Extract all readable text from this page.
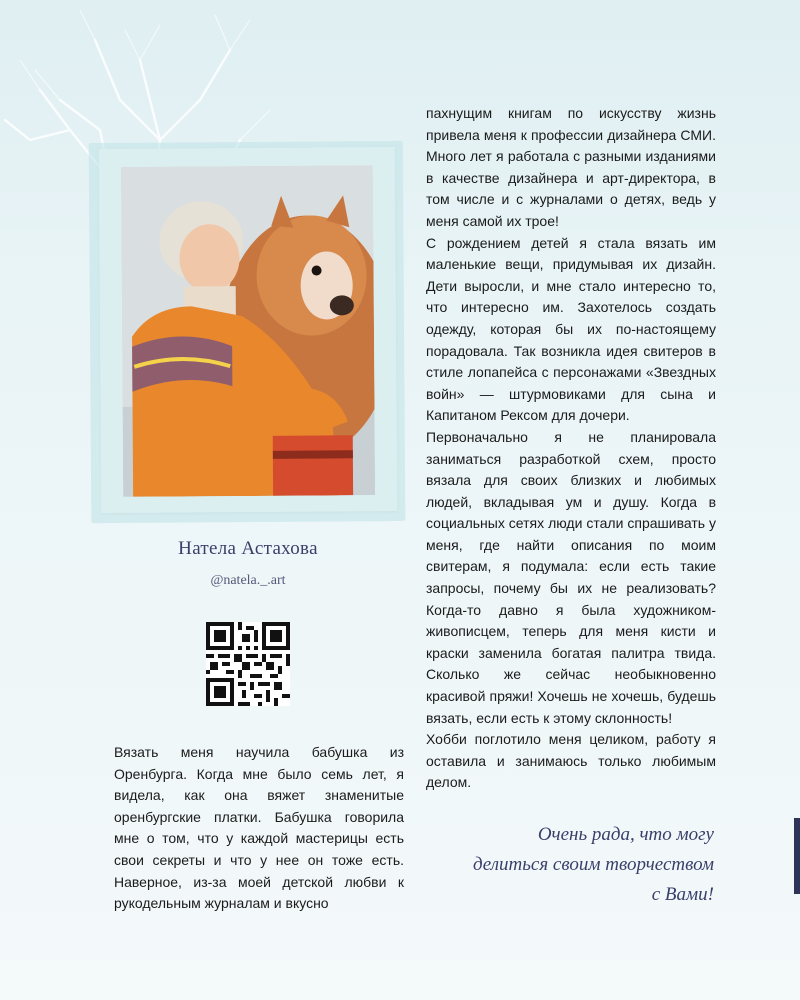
Натела Астахова
@natela._.art

Вязать меня научила бабушка из Оренбурга. Когда мне было семь лет, я видела, как она вяжет знаменитые оренбургские платки. Бабушка говорила мне о том, что у каждой мастерицы есть свои секреты и что у нее он тоже есть. Наверное, из-за моей детской любви к рукодельным журналам и вкусно

пахнущим книгам по искусству жизнь привела меня к профессии дизайнера СМИ. Много лет я работала с разными изданиями в качестве дизайнера и арт-директора, в том числе и с журналами о детях, ведь у меня самой их трое!

С рождением детей я стала вязать им маленькие вещи, придумывая их дизайн. Дети выросли, и мне стало интересно то, что интересно им. Захотелось создать одежду, которая бы их по-настоящему порадовала. Так возникла идея свитеров в стиле лопапейса с персонажами «Звездных войн» — штурмовиками для сына и Капитаном Рексом для дочери.

Первоначально я не планировала заниматься разработкой схем, просто вязала для своих близких и любимых людей, вкладывая ум и душу. Когда в социальных сетях люди стали спрашивать у меня, где найти описания по моим свитерам, я подумала: если есть такие запросы, почему бы их не реализовать? Когда-то давно я была художником-живописцем, теперь для меня кисти и краски заменила богатая палитра твида. Сколько же сейчас необыкновенно красивой пряжи! Хочешь не хочешь, будешь вязать, если есть к этому склонность!

Хобби поглотило меня целиком, работу я оставила и занимаюсь только любимым делом.

Очень рада, что могу
делиться своим творчеством
с Вами!
